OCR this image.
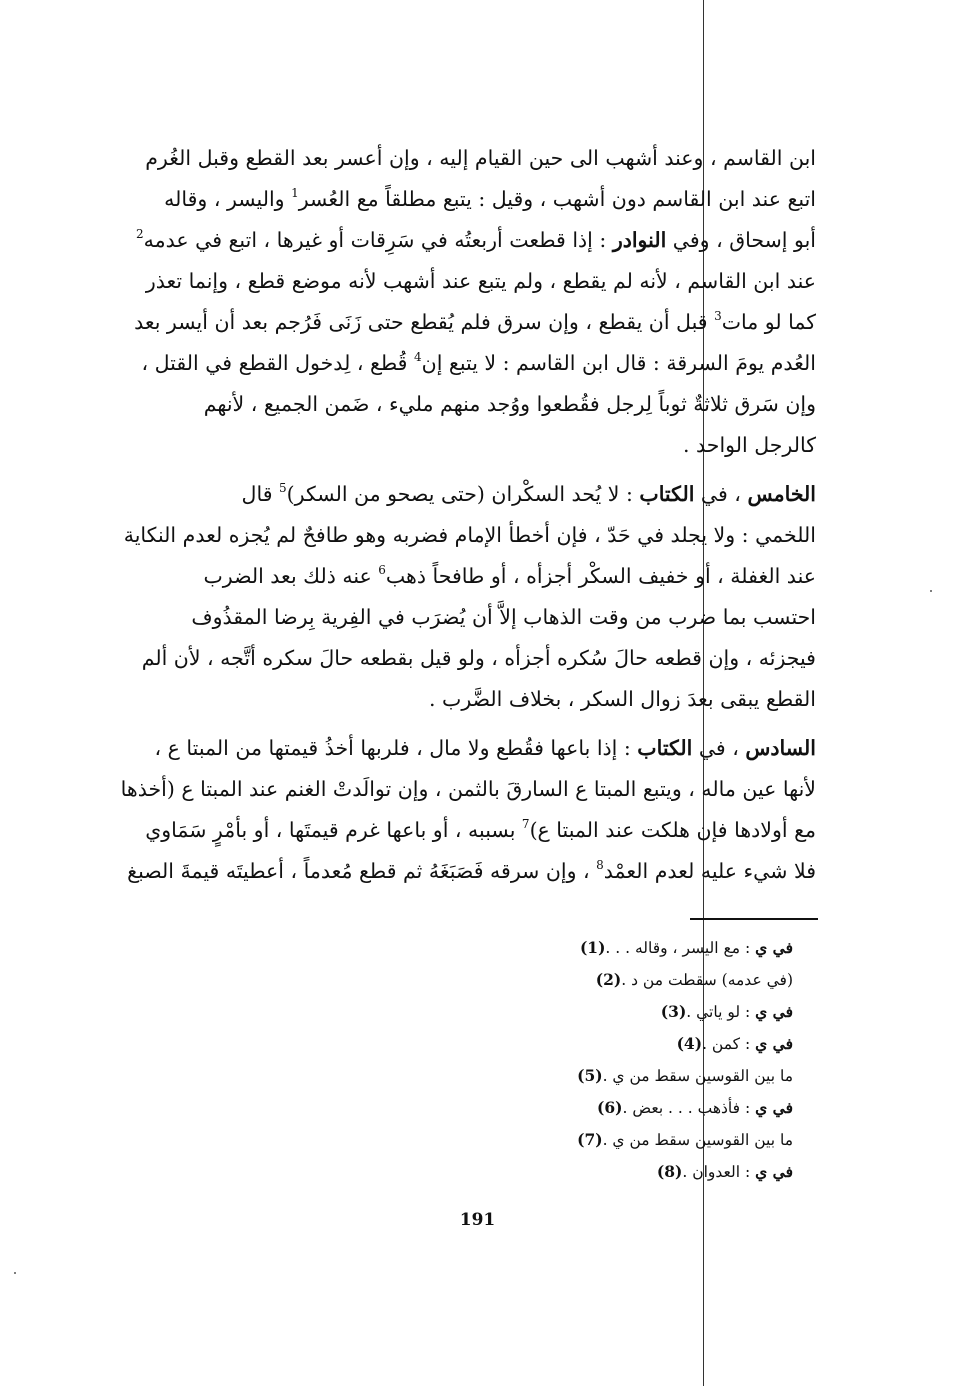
ابن القاسم ، وعند أشهب الى حين القيام إليه ، وإن أعسر بعد القطع وقبل الغُرم
اتبع عند ابن القاسم دون أشهب ، وقيل : يتبع مطلقاً مع العُسر$^1$ واليسر ، وقاله
أبو إسحاق ، وفي النوادر : إذا قطعت أربعتُه في سَرِقات أو غيرها ، اتبع في عدمه$^2$
عند ابن القاسم ، لأنه لم يقطع ، ولم يتبع عند أشهب لأنه موضع قطع ، وإنما تعذر
كما لو مات$^3$ قبل أن يقطع ، وإن سرق فلم يُقطع حتى زَنَى فَرُجم بعد أن أيسر بعد
العُدم يومَ السرقة : قال ابن القاسم : لا يتبع إن$^4$ قُطع ، لِدخول القطع في القتل ،
وإن سَرق ثلاثةٌ ثوباً لِرجل فقُطعوا ووُجد منهم مليء ، ضَمن الجميع ، لأنهم
كالرجل الواحد .

الخامس ، في الكتاب : لا يُحد السكْران (حتى يصحو من السكر)$^5$ قال
اللخمي : ولا يجلد في حَدّ ، فإن أخطأ الإمام فضربه وهو طافحٌ لم يُجزه لعدم النكاية
عند الغفلة ، أو خفيف السكْر أجزأه ، أو طافحاً ذهب$^6$ عنه ذلك بعد الضرب
احتسب بما ضرب من وقت الذهاب إلاَّ أن يُضرَب في الفِرية بِرضا المقذُوف
فيجزئه ، وإن قطعه حالَ سُكره أجزأه ، ولو قيل بقطعه حالَ سكره أتَّجه ، لأن ألم
القطع يبقى بعدَ زوال السكر ، بخلاف الضَّرب .

السادس ، في الكتاب : إذا باعها فقُطع ولا مال ، فلربها أخذُ قيمتها من المبتا ع ،
لأنها عين ماله ، ويتبع المبتا ع السارقَ بالثمن ، وإن توالَدتْ الغنم عند المبتا ع (أخذها
مع أولادها فإن هلكت عند المبتا ع)$^7$ بسببه ، أو باعها غرم قيمتَها ، أو بأمْرٍ سَمَاوي
فلا شيء عليه لعدم العمْد$^8$ ، وإن سرقه فَصَبَغَهُ ثم قطع مُعدماً ، أعطيتَه قيمةَ الصبغ

في ي : مع اليسر ، وقاله . . .
(1)
(في عدمه) سقطت من د .
(2)
في ي : لو ياتي .
(3)
في ي : كمن .
(4)
ما بين القوسين سقط من ي .
(5)
في ي : فأذهب . . . بعض .
(6)
ما بين القوسين سقط من ي .
(7)
في ي : العدوان .
(8)
191
